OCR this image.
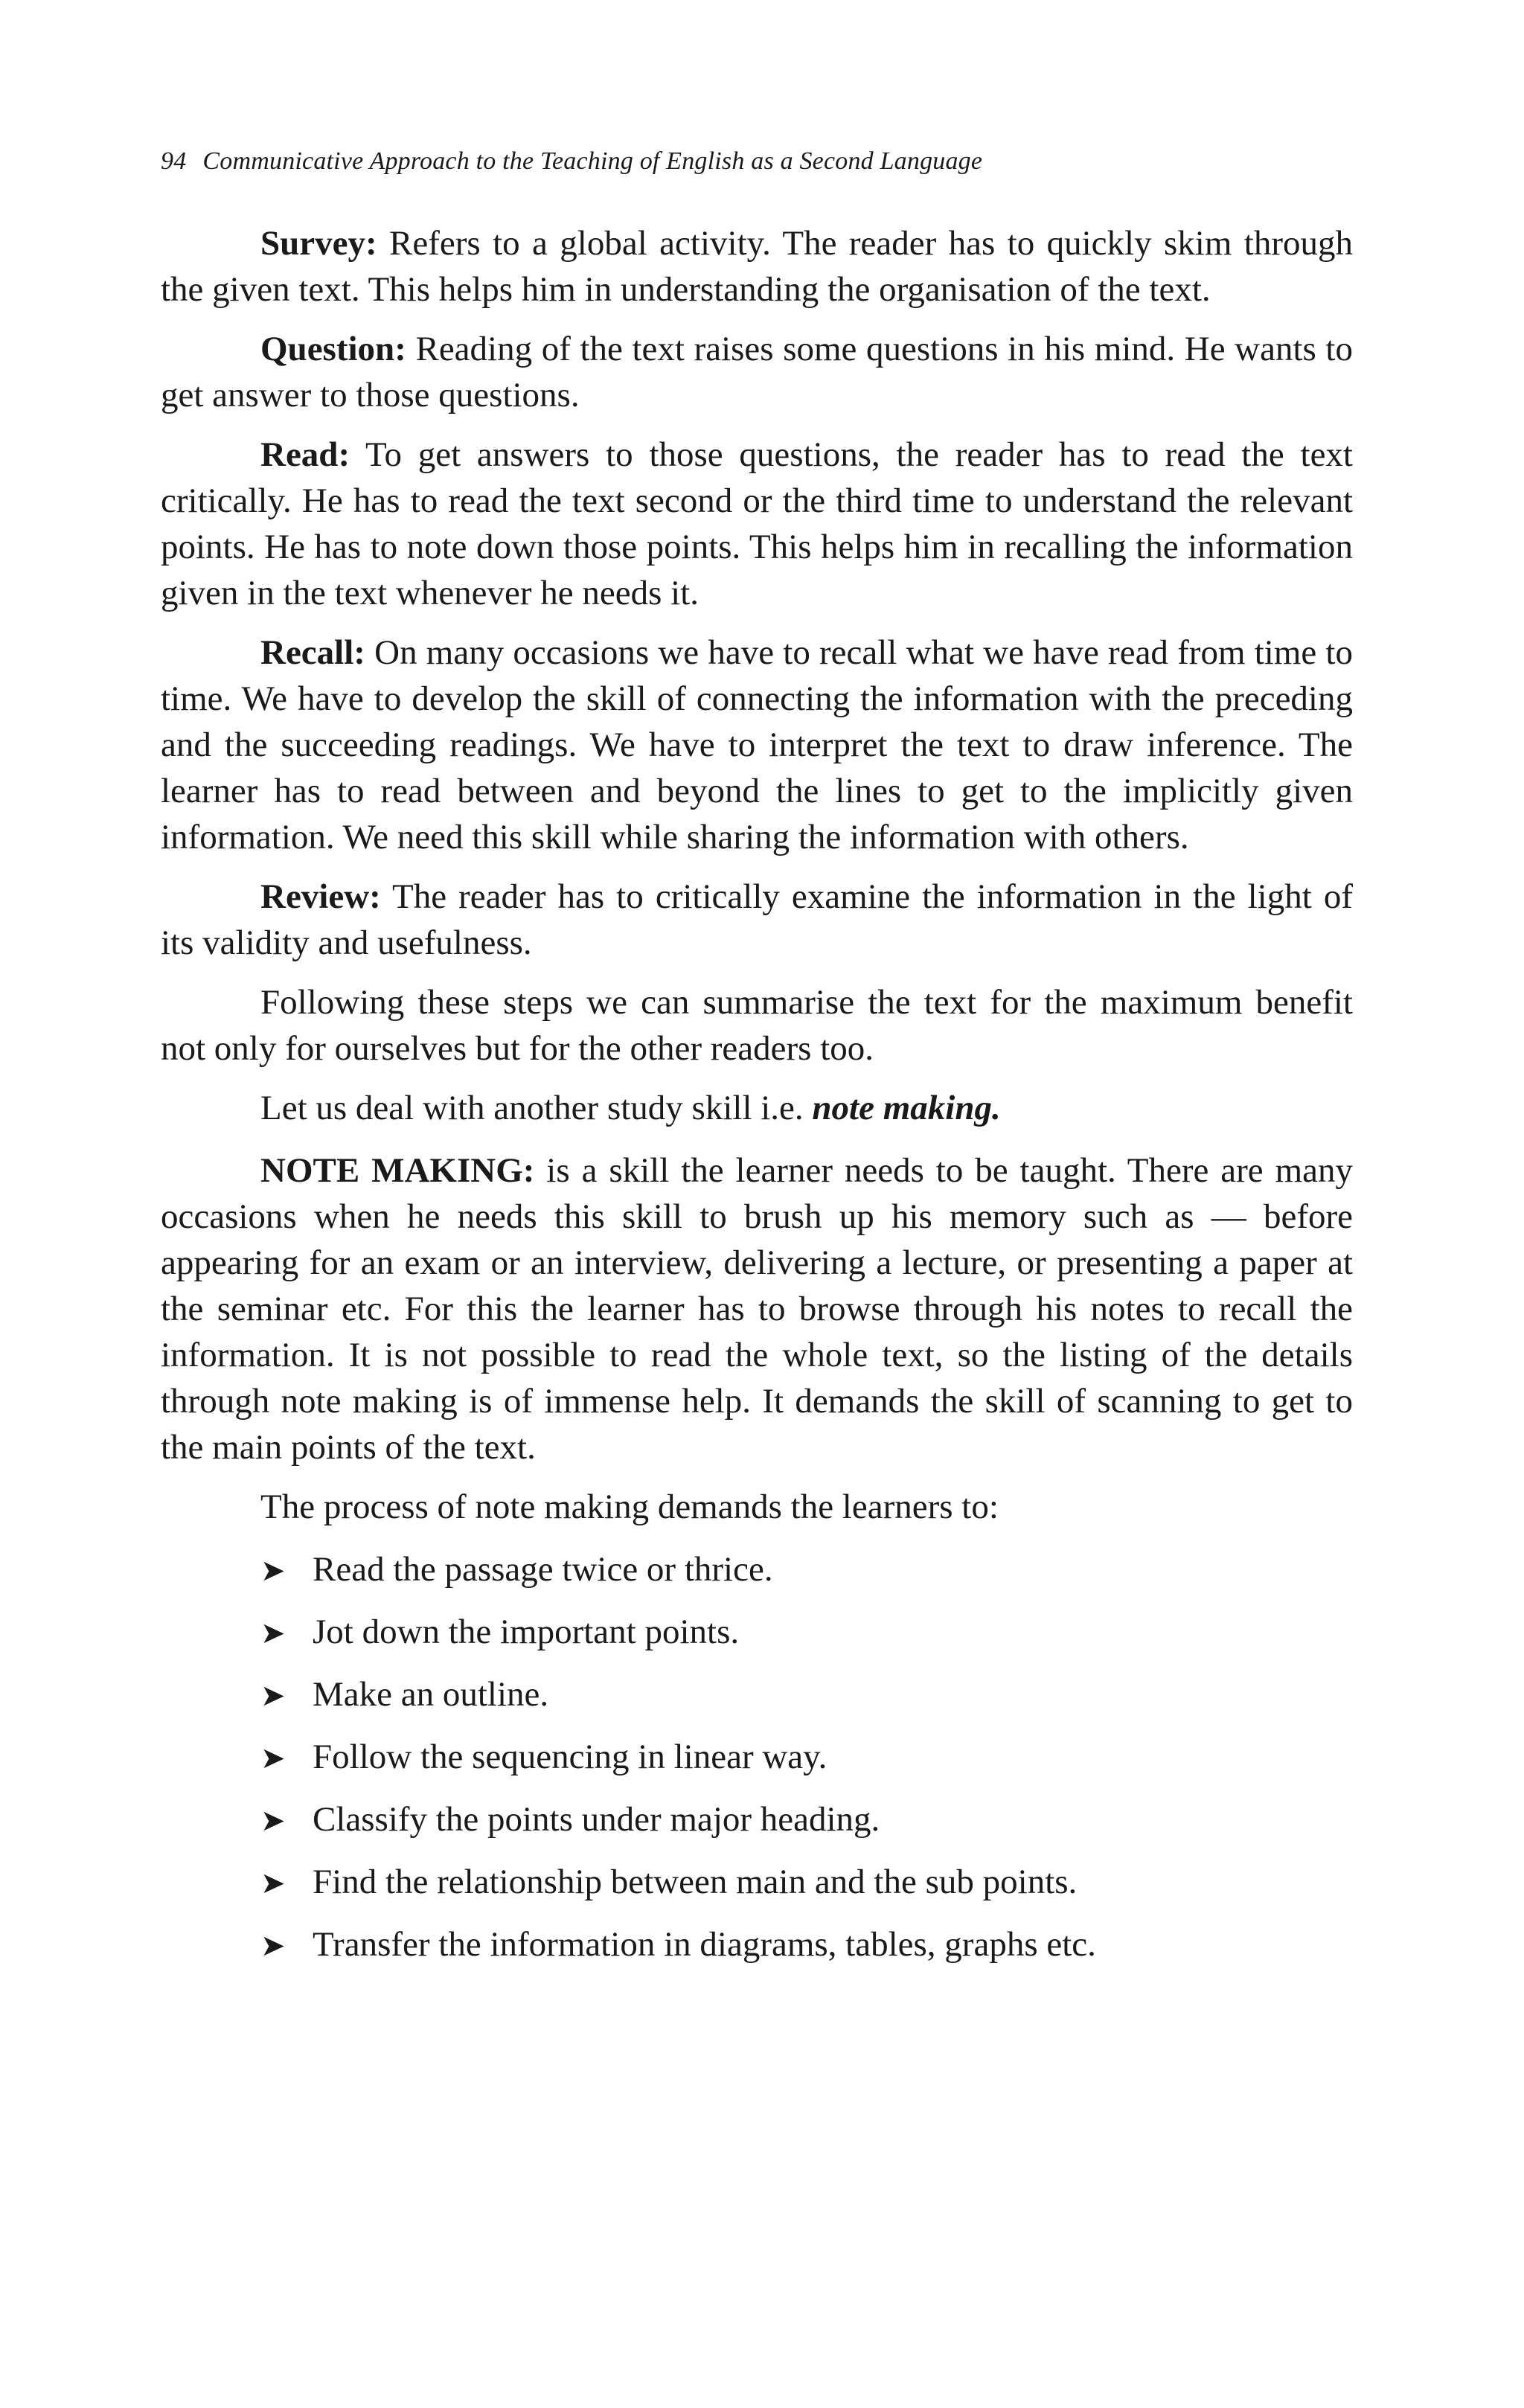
94 Communicative Approach to the Teaching of English as a Second Language

Survey: Refers to a global activity. The reader has to quickly skim through the given text. This helps him in understanding the organisation of the text.

Question: Reading of the text raises some questions in his mind. He wants to get answer to those questions.

Read: To get answers to those questions, the reader has to read the text critically. He has to read the text second or the third time to understand the relevant points. He has to note down those points. This helps him in recalling the information given in the text whenever he needs it.

Recall: On many occasions we have to recall what we have read from time to time. We have to develop the skill of connecting the information with the preceding and the succeeding readings. We have to interpret the text to draw inference. The learner has to read between and beyond the lines to get to the implicitly given information. We need this skill while sharing the information with others.

Review: The reader has to critically examine the information in the light of its validity and usefulness.

Following these steps we can summarise the text for the maximum benefit not only for ourselves but for the other readers too.

Let us deal with another study skill i.e. note making.

NOTE MAKING: is a skill the learner needs to be taught. There are many occasions when he needs this skill to brush up his memory such as — before appearing for an exam or an interview, delivering a lecture, or presenting a paper at the seminar etc. For this the learner has to browse through his notes to recall the information. It is not possible to read the whole text, so the listing of the details through note making is of immense help. It demands the skill of scanning to get to the main points of the text.

The process of note making demands the learners to:

➤ Read the passage twice or thrice.
➤ Jot down the important points.
➤ Make an outline.
➤ Follow the sequencing in linear way.
➤ Classify the points under major heading.
➤ Find the relationship between main and the sub points.
➤ Transfer the information in diagrams, tables, graphs etc.
